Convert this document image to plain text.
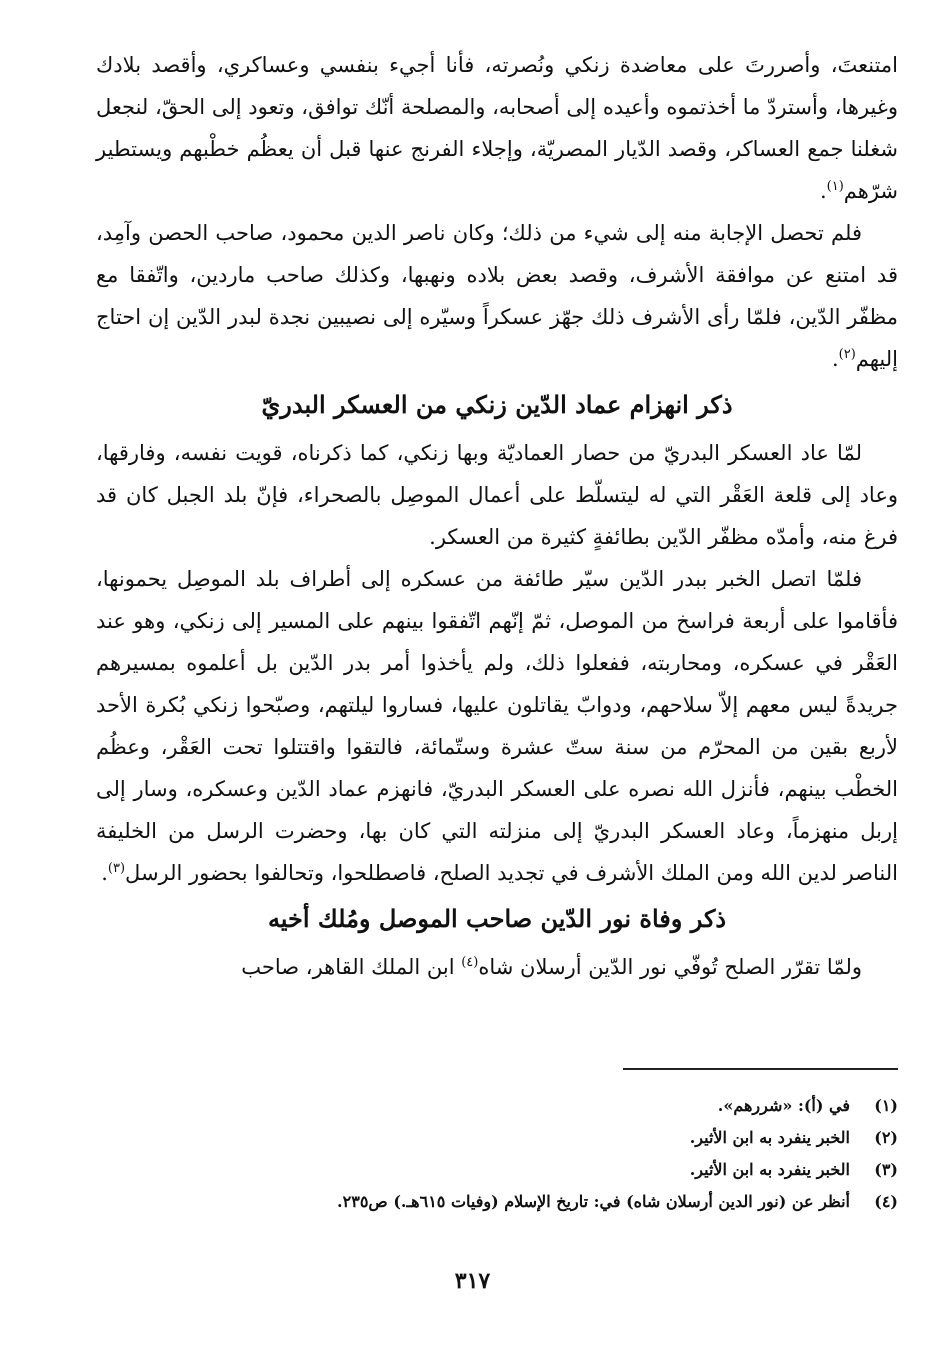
امتنعتَ، وأصررتَ على معاضدة زنكي ونُصرته، فأنا أجيء بنفسي وعساكري، وأقصد بلادك وغيرها، وأستردّ ما أخذتموه وأعيده إلى أصحابه، والمصلحة أنّك توافق، وتعود إلى الحقّ، لنجعل شغلنا جمع العساكر، وقصد الدّيار المصريّة، وإجلاء الفرنج عنها قبل أن يعظُم خطْبهم ويستطير شرّهم$^{(١)}$.

فلم تحصل الإجابة منه إلى شيء من ذلك؛ وكان ناصر الدين محمود، صاحب الحصن وآمِد، قد امتنع عن موافقة الأشرف، وقصد بعض بلاده ونهبها، وكذلك صاحب ماردين، واتّفقا مع مظفّر الدّين، فلمّا رأى الأشرف ذلك جهّز عسكراً وسيّره إلى نصيبين نجدة لبدر الدّين إن احتاج إليهم$^{(٢)}$.

ذكر انهزام عماد الدّين زنكي من العسكر البدريّ

لمّا عاد العسكر البدريّ من حصار العماديّة وبها زنكي، كما ذكرناه، قويت نفسه، وفارقها، وعاد إلى قلعة العَقْر التي له ليتسلّط على أعمال الموصِل بالصحراء، فإنّ بلد الجبل كان قد فرغ منه، وأمدّه مظفّر الدّين بطائفةٍ كثيرة من العسكر.

فلمّا اتصل الخبر ببدر الدّين سيّر طائفة من عسكره إلى أطراف بلد الموصِل يحمونها، فأقاموا على أربعة فراسخ من الموصل، ثمّ إنّهم اتّفقوا بينهم على المسير إلى زنكي، وهو عند العَقْر في عسكره، ومحاربته، ففعلوا ذلك، ولم يأخذوا أمر بدر الدّين بل أعلموه بمسيرهم جريدةً ليس معهم إلاّ سلاحهم، ودوابّ يقاتلون عليها، فساروا ليلتهم، وصبّحوا زنكي بُكرة الأحد لأربع بقين من المحرّم من سنة ستّ عشرة وستّمائة، فالتقوا واقتتلوا تحت العَقْر، وعظُم الخطْب بينهم، فأنزل الله نصره على العسكر البدريّ، فانهزم عماد الدّين وعسكره، وسار إلى إربل منهزماً، وعاد العسكر البدريّ إلى منزلته التي كان بها، وحضرت الرسل من الخليفة الناصر لدين الله ومن الملك الأشرف في تجديد الصلح، فاصطلحوا، وتحالفوا بحضور الرسل$^{(٣)}$.

ذكر وفاة نور الدّين صاحب الموصل ومُلك أخيه

ولمّا تقرّر الصلح تُوفّي نور الدّين أرسلان شاه$^{(٤)}$ ابن الملك القاهر، صاحب

(١)
في (أ): «شررهم».
(٢)
الخبر ينفرد به ابن الأثير.
(٣)
الخبر ينفرد به ابن الأثير.
(٤)
أنظر عن (نور الدين أرسلان شاه) في: تاريخ الإسلام (وفيات ٦١٥هـ.) ص٢٣٥.
٣١٧
